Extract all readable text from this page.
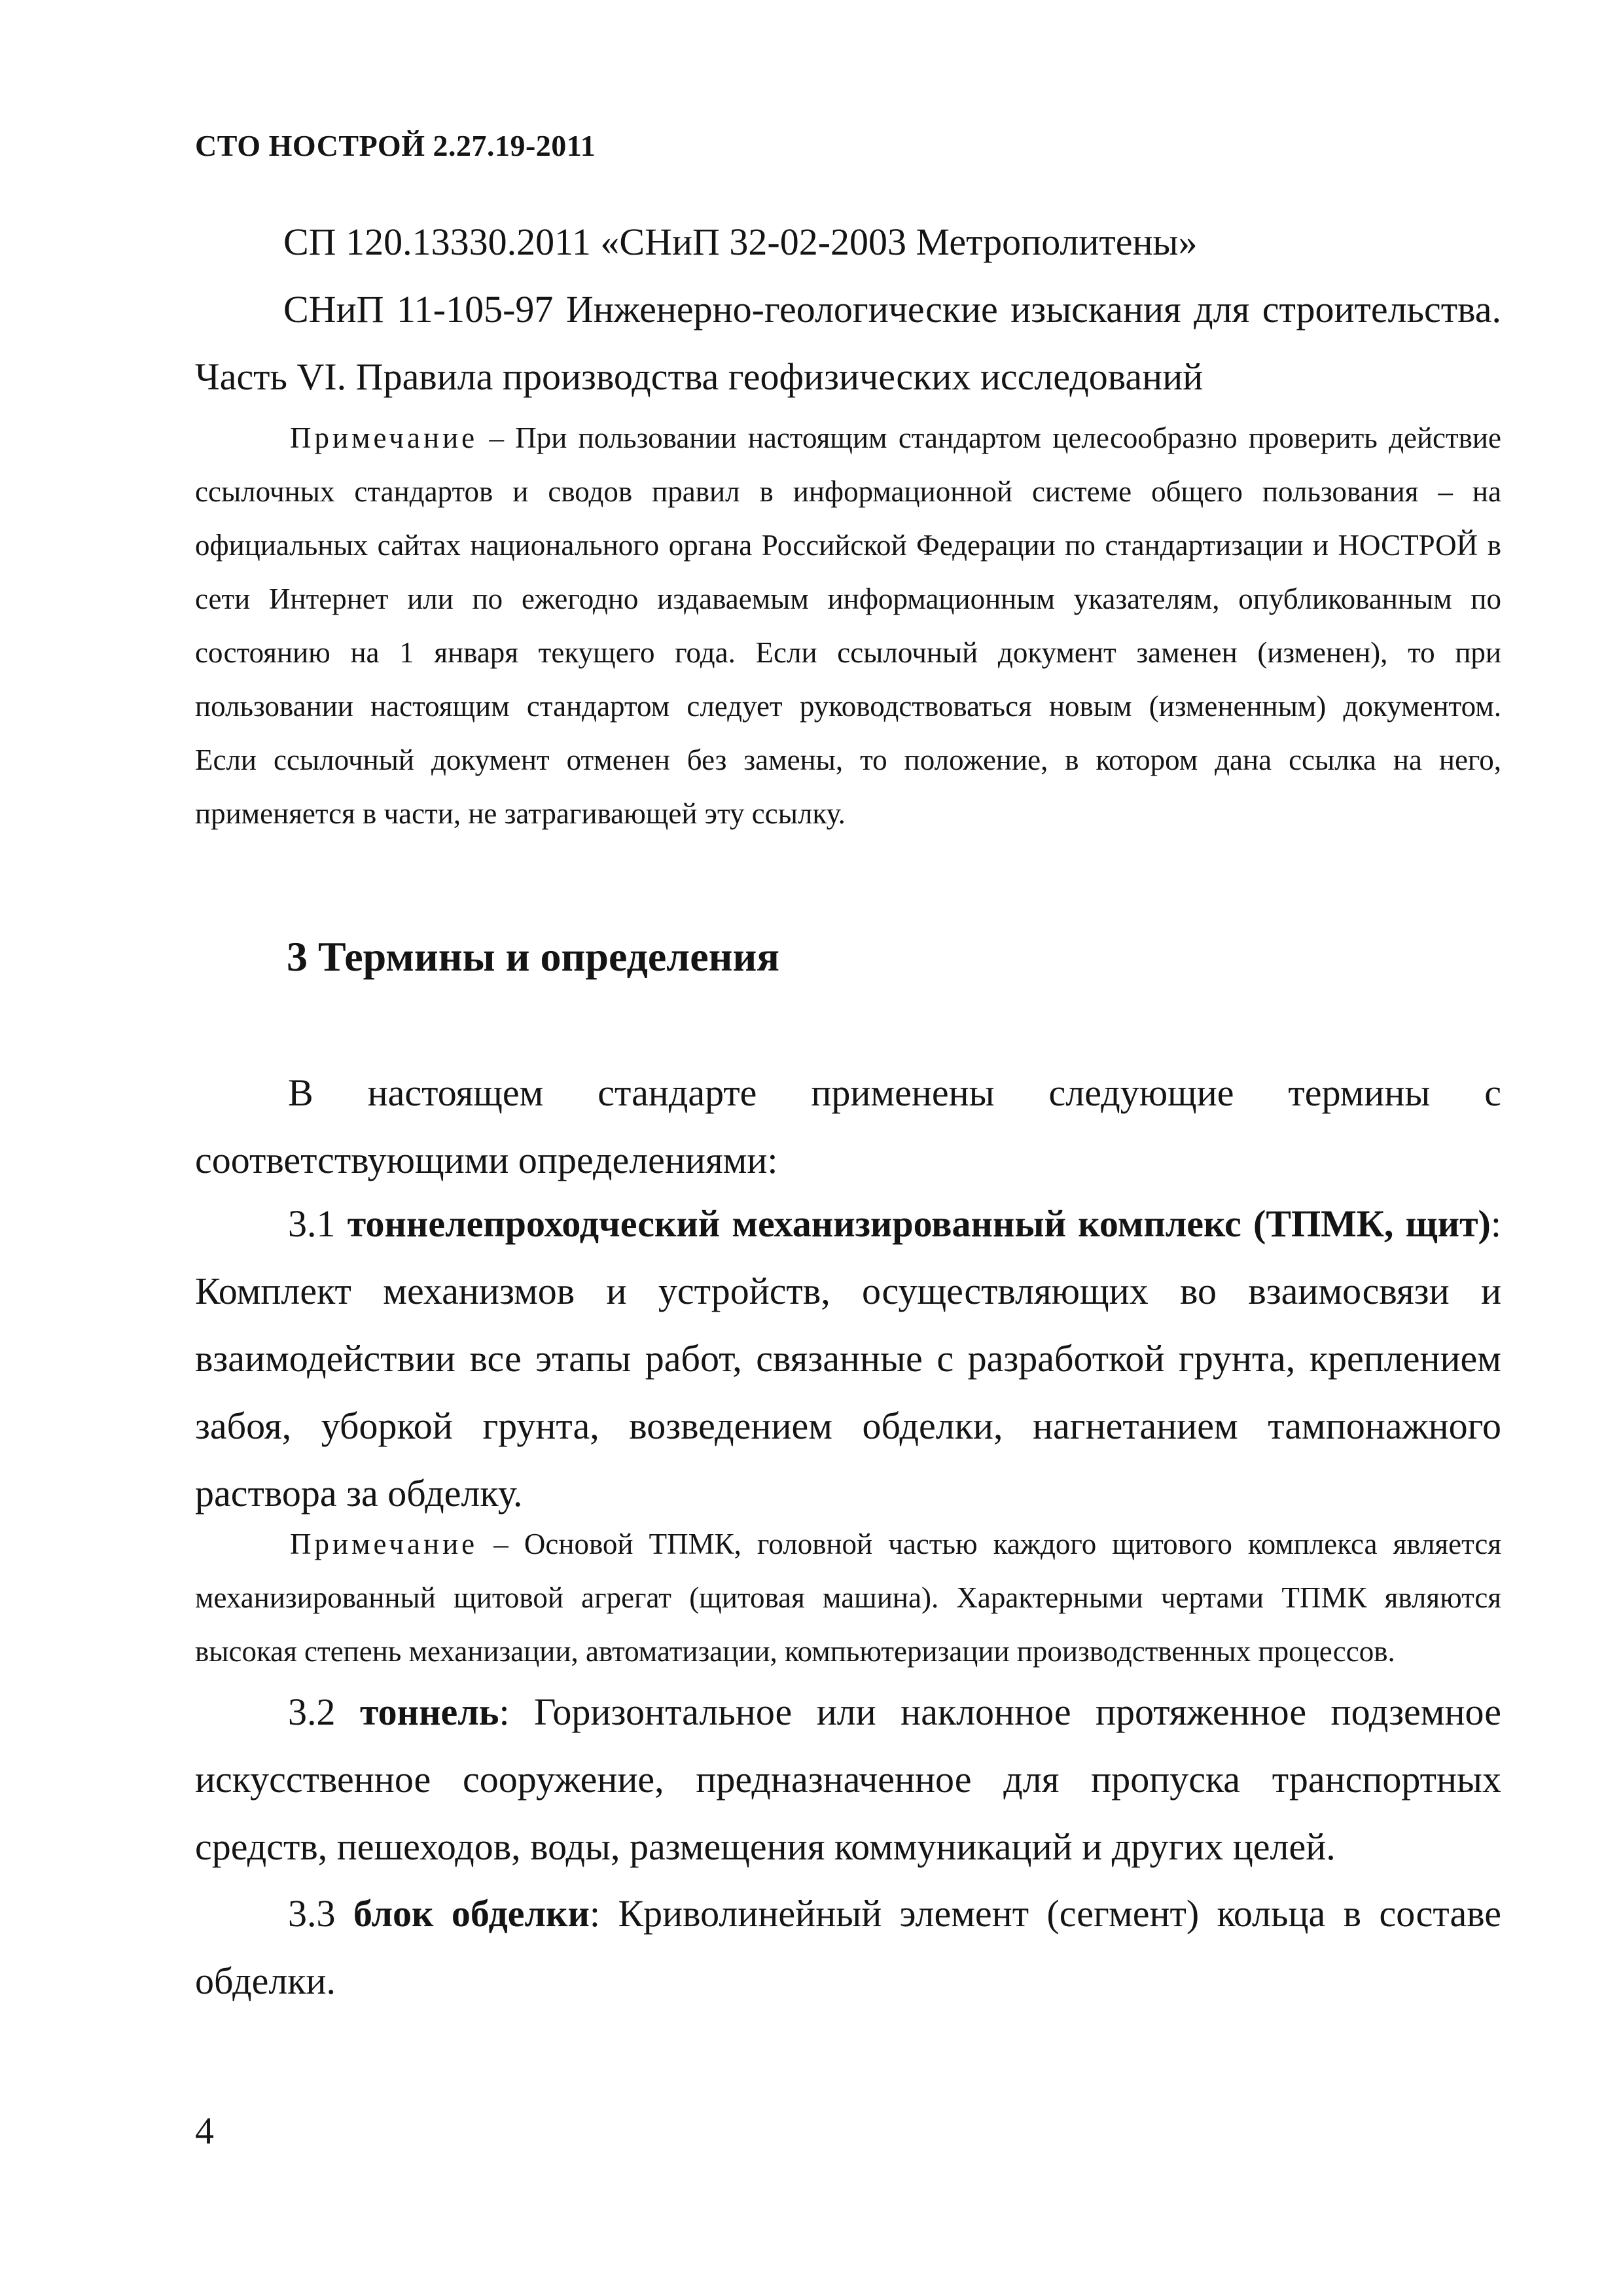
СТО НОСТРОЙ 2.27.19-2011
СП 120.13330.2011 «СНиП 32-02-2003 Метрополитены»
СНиП 11-105-97 Инженерно-геологические изыскания для строительства. Часть VI. Правила производства геофизических исследований
Примечание – При пользовании настоящим стандартом целесообразно проверить действие ссылочных стандартов и сводов правил в информационной системе общего пользования – на официальных сайтах национального органа Российской Федерации по стандартизации и НОСТРОЙ в сети Интернет или по ежегодно издаваемым информационным указателям, опубликованным по состоянию на 1 января текущего года. Если ссылочный документ заменен (изменен), то при пользовании настоящим стандартом следует руководствоваться новым (измененным) документом. Если ссылочный документ отменен без замены, то положение, в котором дана ссылка на него, применяется в части, не затрагивающей эту ссылку.
3 Термины и определения
В настоящем стандарте применены следующие термины с соответствующими определениями:
3.1 тоннелепроходческий механизированный комплекс (ТПМК, щит): Комплект механизмов и устройств, осуществляющих во взаимосвязи и взаимодействии все этапы работ, связанные с разработкой грунта, креплением забоя, уборкой грунта, возведением обделки, нагнетанием тампонажного раствора за обделку.
Примечание – Основой ТПМК, головной частью каждого щитового комплекса является механизированный щитовой агрегат (щитовая машина). Характерными чертами ТПМК являются высокая степень механизации, автоматизации, компьютеризации производственных процессов.
3.2 тоннель: Горизонтальное или наклонное протяженное подземное искусственное сооружение, предназначенное для пропуска транспортных средств, пешеходов, воды, размещения коммуникаций и других целей.
3.3 блок обделки: Криволинейный элемент (сегмент) кольца в составе обделки.
4
